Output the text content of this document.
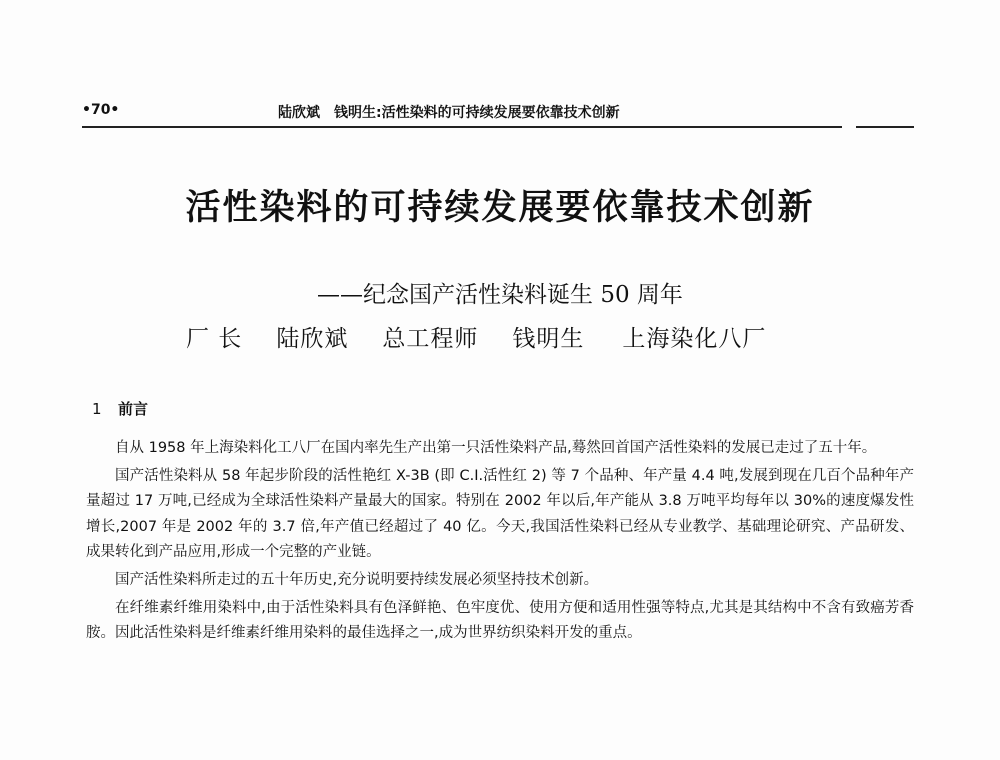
•70•	陆欣斌 钱明生:活性染料的可持续发展要依靠技术创新
活性染料的可持续发展要依靠技术创新
——纪念国产活性染料诞生 50 周年
厂 长 陆欣斌 总工程师 钱明生 上海染化八厂
1 前言

自从 1958 年上海染料化工八厂在国内率先生产出第一只活性染料产品,蓦然回首国产活性染料的发展已走过了五十年。

国产活性染料从 58 年起步阶段的活性艳红 X-3B (即 C.I.活性红 2) 等 7 个品种、年产量 4.4 吨,发展到现在几百个品种年产量超过 17 万吨,已经成为全球活性染料产量最大的国家。特别在 2002 年以后,年产能从 3.8 万吨平均每年以 30%的速度爆发性增长,2007 年是 2002 年的 3.7 倍,年产值已经超过了 40 亿。今天,我国活性染料已经从专业教学、基础理论研究、产品研发、成果转化到产品应用,形成一个完整的产业链。

国产活性染料所走过的五十年历史,充分说明要持续发展必须坚持技术创新。

在纤维素纤维用染料中,由于活性染料具有色泽鲜艳、色牢度优、使用方便和适用性强等特点,尤其是其结构中不含有致癌芳香胺。因此活性染料是纤维素纤维用染料的最佳选择之一,成为世界纺织染料开发的重点。
